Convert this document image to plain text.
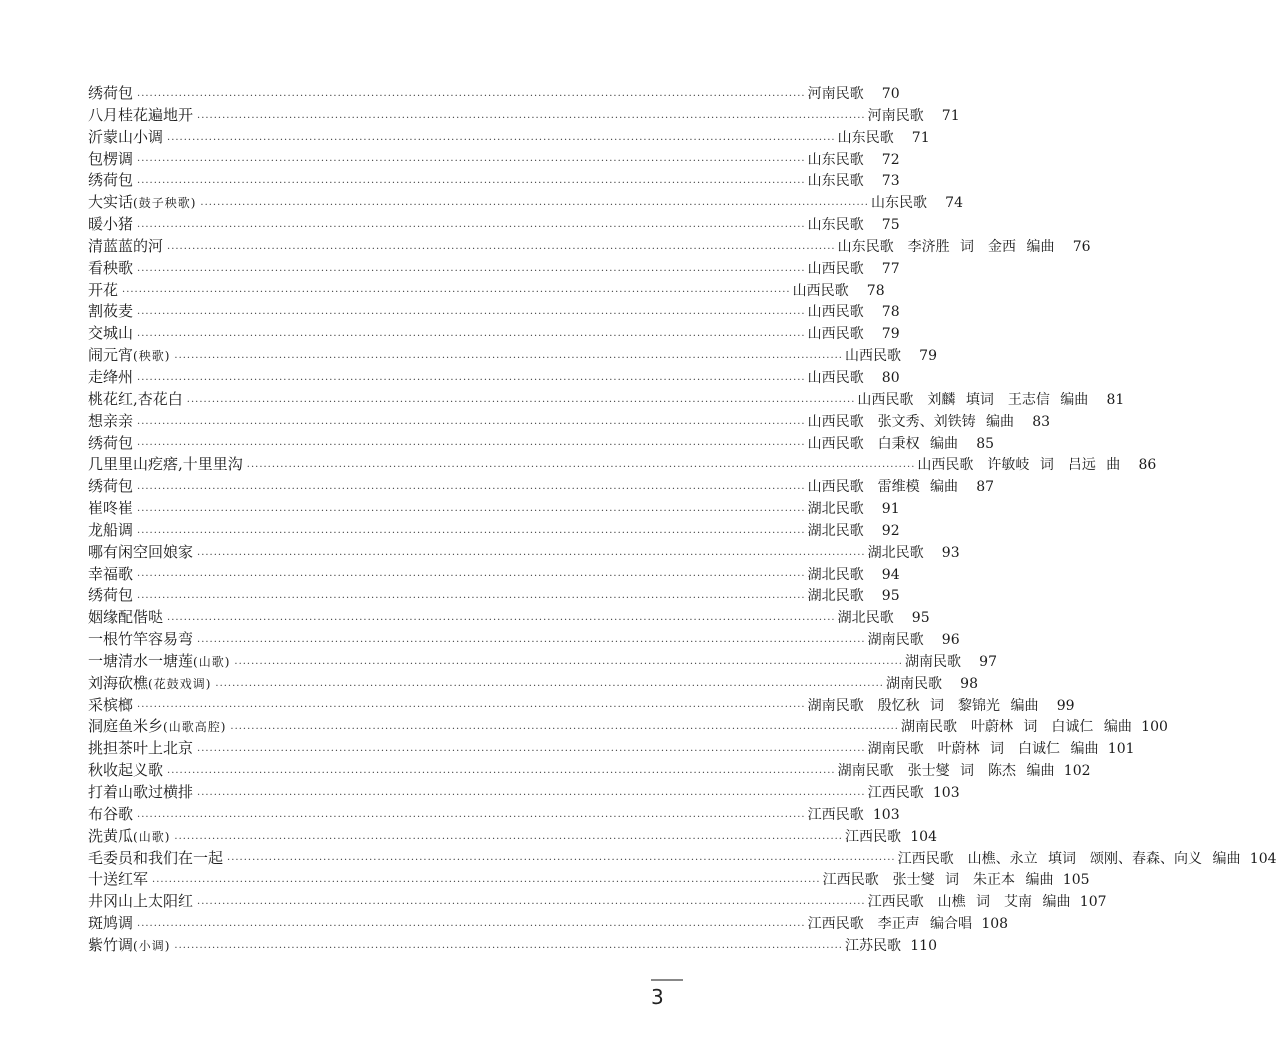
绣荷包 ································································································································································ 河南民歌	70
八月桂花遍地开 ································································································································································ 河南民歌	71
沂蒙山小调 ································································································································································ 山东民歌	71
包楞调 ································································································································································ 山东民歌	72
绣荷包 ································································································································································ 山东民歌	73
大实话(鼓子秧歌) ································································································································································ 山东民歌	74
暖小猪 ································································································································································ 山东民歌	75
清蓝蓝的河 ································································································································································ 山东民歌　李济胜 词　金西 编曲	76
看秧歌 ································································································································································ 山西民歌	77
开花 ································································································································································ 山西民歌	78
割莜麦 ································································································································································ 山西民歌	78
交城山 ································································································································································ 山西民歌	79
闹元宵(秧歌) ································································································································································ 山西民歌	79
走绛州 ································································································································································ 山西民歌	80
桃花红,杏花白 ································································································································································ 山西民歌　刘麟 填词　王志信 编曲	81
想亲亲 ································································································································································ 山西民歌　张文秀、刘铁铸 编曲	83
绣荷包 ································································································································································ 山西民歌　白秉权 编曲	85
几里里山疙瘩,十里里沟 ································································································································································ 山西民歌　许敏岐 词　吕远 曲	86
绣荷包 ································································································································································ 山西民歌　雷维模 编曲	87
崔咚崔 ································································································································································ 湖北民歌	91
龙船调 ································································································································································ 湖北民歌	92
哪有闲空回娘家 ································································································································································ 湖北民歌	93
幸福歌 ································································································································································ 湖北民歌	94
绣荷包 ································································································································································ 湖北民歌	95
姻缘配偕哒 ································································································································································ 湖北民歌	95
一根竹竿容易弯 ································································································································································ 湖南民歌	96
一塘清水一塘莲(山歌) ································································································································································ 湖南民歌	97
刘海砍樵(花鼓戏调) ································································································································································ 湖南民歌	98
采槟榔 ································································································································································ 湖南民歌　殷忆秋 词　黎锦光 编曲	99
洞庭鱼米乡(山歌高腔) ································································································································································ 湖南民歌　叶蔚林 词　白诚仁 编曲 100
挑担茶叶上北京 ································································································································································ 湖南民歌　叶蔚林 词　白诚仁 编曲 101
秋收起义歌 ································································································································································ 湖南民歌　张士燮 词　陈杰 编曲 102
打着山歌过横排 ································································································································································ 江西民歌 103
布谷歌 ································································································································································ 江西民歌 103
洗黄瓜(山歌) ································································································································································ 江西民歌 104
毛委员和我们在一起 ································································································································································ 江西民歌　山樵、永立 填词　颂刚、春森、向义 编曲 104
十送红军 ································································································································································ 江西民歌　张士燮 词　朱正本 编曲 105
井冈山上太阳红 ································································································································································ 江西民歌　山樵 词　艾南 编曲 107
斑鸠调 ································································································································································ 江西民歌　李正声 编合唱 108
紫竹调(小调) ································································································································································ 江苏民歌 110
3
